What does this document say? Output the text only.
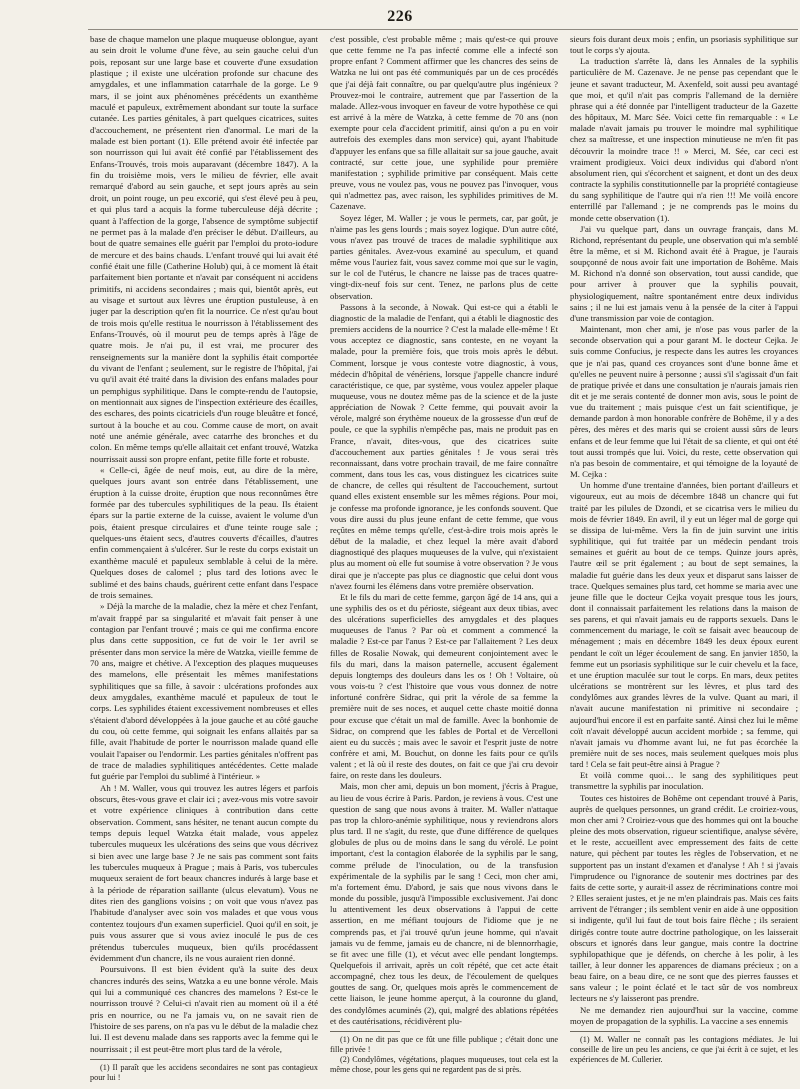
226

base de chaque mamelon une plaque muqueuse oblongue, ayant au sein droit le volume d'une fève, au sein gauche celui d'un pois, reposant sur une large base et couverte d'une exsudation plastique ; il existe une ulcération profonde sur chacune des amygdales, et une inflammation catarrhale de la gorge. Le 9 mars, il se joint aux phénomènes précédents un exanthème maculé et papuleux, extrêmement abondant sur toute la surface cutanée. Les parties génitales, à part quelques cicatrices, suites d'accouchement, ne présentent rien d'anormal. Le mari de la malade est bien portant (1). Elle prétend avoir été infectée par son nourrisson qui lui avait été confié par l'établissement des Enfans-Trouvés, trois mois auparavant (décembre 1847). A la fin du troisième mois, vers le milieu de février, elle avait remarqué d'abord au sein gauche, et sept jours après au sein droit, un point rouge, un peu excorié, qui s'est élevé peu à peu, et qui plus tard a acquis la forme tuberculeuse déjà décrite ; quant à l'affection de la gorge, l'absence de symptôme subjectif ne permet pas à la malade d'en préciser le début. D'ailleurs, au bout de quatre semaines elle guérit par l'emploi du proto-iodure de mercure et des bains chauds. L'enfant trouvé qui lui avait été confié était une fille (Catherine Holub) qui, à ce moment là était parfaitement bien portante et n'avait par conséquent ni accidens primitifs, ni accidens secondaires ; mais qui, bientôt après, eut au visage et surtout aux lèvres une éruption pustuleuse, à en juger par la description qu'en fit la nourrice. Ce n'est qu'au bout de trois mois qu'elle restitua le nourrisson à l'établissement des Enfans-Trouvés, où il mourut peu de temps après à l'âge de quatre mois. Je n'ai pu, il est vrai, me procurer des renseignements sur la manière dont la syphilis était comportée du vivant de l'enfant ; seulement, sur le registre de l'hôpital, j'ai vu qu'il avait été traité dans la division des enfans malades pour un pemphigus syphilitique. Dans le compte-rendu de l'autopsie, on mentionnait aux signes de l'inspection extérieure des écailles, des eschares, des points cicatriciels d'un rouge bleuâtre et foncé, surtout à la bouche et au cou. Comme cause de mort, on avait noté une anémie générale, avec catarrhe des bronches et du colon. En même temps qu'elle allaitait cet enfant trouvé, Watzka nourrissait aussi son propre enfant, petite fille forte et robuste.

« Celle-ci, âgée de neuf mois, eut, au dire de la mère, quelques jours avant son entrée dans l'établissement, une éruption à la cuisse droite, éruption que nous reconnûmes être formée par des tubercules syphilitiques de la peau. Ils étaient épars sur la partie externe de la cuisse, avaient le volume d'un pois, étaient presque circulaires et d'une teinte rouge sale ; quelques-uns étaient secs, d'autres couverts d'écailles, d'autres enfin commençaient à s'ulcérer. Sur le reste du corps existait un exanthème maculé et papuleux semblable à celui de la mère. Quelques doses de calomel ; plus tard des lotions avec le sublimé et des bains chauds, guérirent cette enfant dans l'espace de trois semaines.

» Déjà la marche de la maladie, chez la mère et chez l'enfant, m'avait frappé par sa singularité et m'avait fait penser à une contagion par l'enfant trouvé ; mais ce qui me confirma encore plus dans cette supposition, ce fut de voir le 1er avril se présenter dans mon service la mère de Watzka, vieille femme de 70 ans, maigre et chétive. A l'exception des plaques muqueuses des mamelons, elle présentait les mêmes manifestations syphilitiques que sa fille, à savoir : ulcérations profondes aux deux amygdales, exanthème maculé et papuleux de tout le corps. Les syphilides étaient excessivement nombreuses et elles s'étaient d'abord développées à la joue gauche et au côté gauche du cou, où cette femme, qui soignait les enfans allaités par sa fille, avait l'habitude de porter le nourrisson malade quand elle voulait l'apaiser ou l'endormir. Les parties génitales n'offrent pas de trace de maladies syphilitiques antécédentes. Cette malade fut guérie par l'emploi du sublimé à l'intérieur. »

Ah ! M. Waller, vous qui trouvez les autres légers et parfois obscurs, êtes-vous grave et clair ici ; avez-vous mis votre savoir et votre expérience cliniques à contribution dans cette observation. Comment, sans hésiter, ne tenant aucun compte du temps depuis lequel Watzka était malade, vous appelez tubercules muqueux les ulcérations des seins que vous décrivez si bien avec une large base ? Je ne sais pas comment sont faits les tubercules muqueux à Prague ; mais à Paris, vos tubercules muqueux seraient de fort beaux chancres indurés à large base et à la période de réparation saillante (ulcus elevatum). Vous ne dites rien des ganglions voisins ; on voit que vous n'avez pas l'habitude d'analyser avec soin vos malades et que vous vous contentez toujours d'un examen superficiel. Quoi qu'il en soit, je puis vous assurer que si vous aviez inoculé le pus de ces prétendus tubercules muqueux, bien qu'ils procédassent évidemment d'un chancre, ils ne vous auraient rien donné.

Poursuivons. Il est bien évident qu'à la suite des deux chancres indurés des seins, Watzka a eu une bonne vérole. Mais qui lui a communiqué ces chancres des mamelons ? Est-ce le nourrisson trouvé ? Celui-ci n'avait rien au moment où il a été pris en nourrice, ou ne l'a jamais vu, on ne savait rien de l'histoire de ses parens, on n'a pas vu le début de la maladie chez lui. Il est devenu malade dans ses rapports avec la femme qui le nourrissait ; il est peut-être mort plus tard de la vérole,

(1) Il paraît que les accidens secondaires ne sont pas contagieux pour lui !

c'est possible, c'est probable même ; mais qu'est-ce qui prouve que cette femme ne l'a pas infecté comme elle a infecté son propre enfant ? Comment affirmer que les chancres des seins de Watzka ne lui ont pas été communiqués par un de ces procédés que j'ai déjà fait connaître, ou par quelqu'autre plus ingénieux ? Prouvez-moi le contraire, autrement que par l'assertion de la malade. Allez-vous invoquer en faveur de votre hypothèse ce qui est arrivé à la mère de Watzka, à cette femme de 70 ans (non exempte pour cela d'accident primitif, ainsi qu'on a pu en voir autrefois des exemples dans mon service) qui, ayant l'habitude d'appuyer les enfans que sa fille allaitait sur sa joue gauche, avait contracté, sur cette joue, une syphilide pour première manifestation ; syphilide primitive par conséquent. Mais cette preuve, vous ne voulez pas, vous ne pouvez pas l'invoquer, vous qui n'admettez pas, avec raison, les syphilides primitives de M. Cazenave.

Soyez léger, M. Waller ; je vous le permets, car, par goût, je n'aime pas les gens lourds ; mais soyez logique. D'un autre côté, vous n'avez pas trouvé de traces de maladie syphilitique aux parties génitales. Avez-vous examiné au speculum, et quand même vous l'auriez fait, vous savez comme moi que sur le vagin, sur le col de l'utérus, le chancre ne laisse pas de traces quatre-vingt-dix-neuf fois sur cent. Tenez, ne parlons plus de cette observation.

Passons à la seconde, à Nowak. Qui est-ce qui a établi le diagnostic de la maladie de l'enfant, qui a établi le diagnostic des premiers accidens de la nourrice ? C'est la malade elle-même ! Et vous acceptez ce diagnostic, sans conteste, en ne voyant la malade, pour la première fois, que trois mois après le début. Comment, lorsque je vous conteste votre diagnostic, à vous, médecin d'hôpital de vénériens, lorsque j'appelle chancre induré caractéristique, ce que, par système, vous voulez appeler plaque muqueuse, vous ne doutez même pas de la science et de la juste appréciation de Nowak ? Cette femme, qui pouvait avoir la vérole, malgré son érythème noueux de la grossesse d'un œuf de poule, ce que la syphilis n'empêche pas, mais ne produit pas en France, n'avait, dites-vous, que des cicatrices suite d'accouchement aux parties génitales ! Je vous serai très reconnaissant, dans votre prochain travail, de me faire connaître comment, dans tous les cas, vous distinguez les cicatrices suite de chancre, de celles qui résultent de l'accouchement, surtout quand elles existent ensemble sur les mêmes régions. Pour moi, je confesse ma profonde ignorance, je les confonds souvent. Que vous dire aussi du plus jeune enfant de cette femme, que vous reçûtes en même temps qu'elle, c'est-à-dire trois mois après le début de la maladie, et chez lequel la mère avait d'abord diagnostiqué des plaques muqueuses de la vulve, qui n'existaient plus au moment où elle fut soumise à votre observation ? Je vous dirai que je n'accepte pas plus ce diagnostic que celui dont vous n'avez fourni les élémens dans votre première observation.

Et le fils du mari de cette femme, garçon âgé de 14 ans, qui a une syphilis des os et du périoste, siégeant aux deux tibias, avec des ulcérations superficielles des amygdales et des plaques muqueuses de l'anus ? Par où et comment a commencé la maladie ? Est-ce par l'anus ? Est-ce par l'allaitement ? Les deux filles de Rosalie Nowak, qui demeurent conjointement avec le fils du mari, dans la maison paternelle, accusent également depuis longtemps des douleurs dans les os ! Oh ! Voltaire, où vous vois-tu ? c'est l'histoire que vous vous donnez de notre infortuné confrère Sidrac, qui prit la vérole de sa femme la première nuit de ses noces, et auquel cette chaste moitié donna pour excuse que c'était un mal de famille. Avec la bonhomie de Sidrac, on comprend que les fables de Portal et de Vercelloni aient eu du succès ; mais avec le savoir et l'esprit juste de notre confrère et ami, M. Bouchut, on donne les faits pour ce qu'ils valent ; et là où il reste des doutes, on fait ce que j'ai cru devoir faire, on reste dans les douleurs.

Mais, mon cher ami, depuis un bon moment, j'écris à Prague, au lieu de vous écrire à Paris. Pardon, je reviens à vous. C'est une question de sang que nous avons à traiter. M. Waller n'attaque pas trop la chloro-anémie syphilitique, nous y reviendrons alors plus tard. Il ne s'agit, du reste, que d'une différence de quelques globules de plus ou de moins dans le sang du vérolé. Le point important, c'est la contagion élaborée de la syphilis par le sang, comme prélude de l'inoculation, ou de la transfusion expérimentale de la syphilis par le sang ! Ceci, mon cher ami, m'a fortement ému. D'abord, je sais que nous vivons dans le monde du possible, jusqu'à l'impossible exclusivement. J'ai donc lu attentivement les deux observations à l'appui de cette assertion, en me méfiant toujours de l'idiome que je ne comprends pas, et j'ai trouvé qu'un jeune homme, qui n'avait jamais vu de femme, jamais eu de chancre, ni de blennorrhagie, se fit avec une fille (1), et vécut avec elle pendant longtemps. Quelquefois il arrivait, après un coït répété, que cet acte était accompagné, chez tous les deux, de l'écoulement de quelques gouttes de sang. Or, quelques mois après le commencement de cette liaison, le jeune homme aperçut, à la couronne du gland, des condylômes acuminés (2), qui, malgré des ablations répétées et des cautérisations, récidivèrent plu-

(1) On ne dit pas que ce fût une fille publique ; c'était donc une fille privée !

(2) Condylômes, végétations, plaques muqueuses, tout cela est la même chose, pour les gens qui ne regardent pas de si près.

sieurs fois durant deux mois ; enfin, un psoriasis syphilitique sur tout le corps s'y ajouta.

La traduction s'arrête là, dans les Annales de la syphilis particulière de M. Cazenave. Je ne pense pas cependant que le jeune et savant traducteur, M. Axenfeld, soit aussi peu avantagé que moi, et qu'il n'ait pas compris l'allemand de la dernière phrase qui a été donnée par l'intelligent traducteur de la Gazette des hôpitaux, M. Marc Sée. Voici cette fin remarquable : « Le malade n'avait jamais pu trouver le moindre mal syphilitique chez sa maîtresse, et une inspection minutieuse ne m'en fit pas découvrir la moindre trace !! » Merci, M. Sée, car ceci est vraiment prodigieux. Voici deux individus qui d'abord n'ont absolument rien, qui s'écorchent et saignent, et dont un des deux contracte la syphilis constitutionnelle par la propriété contagieuse du sang syphilitique de l'autre qui n'a rien !!! Me voilà encore enterrillé par l'allemand ; je ne comprends pas le moins du monde cette observation (1).

J'ai vu quelque part, dans un ouvrage français, dans M. Richond, représentant du peuple, une observation qui m'a semblé être la même, et si M. Richond avait été à Prague, je l'aurais soupçonné de nous avoir fait une importation de Bohême. Mais M. Richond n'a donné son observation, tout aussi candide, que pour arriver à prouver que la syphilis pouvait, physiologiquement, naître spontanément entre deux individus sains ; il ne lui est jamais venu à la pensée de la citer à l'appui d'une transmission par voie de contagion.

Maintenant, mon cher ami, je n'ose pas vous parler de la seconde observation qui a pour garant M. le docteur Cejka. Je suis comme Confucius, je respecte dans les autres les croyances que je n'ai pas, quand ces croyances sont d'une bonne âme et qu'elles ne peuvent nuire à personne ; aussi s'il s'agissait d'un fait de pratique privée et dans une consultation je n'aurais jamais rien dit et je me serais contenté de donner mon avis, sous le point de vue du traitement ; mais puisque c'est un fait scientifique, je demande pardon à mon honorable confrère de Bohême, il y a des pères, des mères et des maris qui se croient aussi sûrs de leurs enfans et de leur femme que lui l'était de sa cliente, et qui ont été tout aussi trompés que lui. Voici, du reste, cette observation qui n'a pas besoin de commentaire, et qui témoigne de la loyauté de M. Cejka :

Un homme d'une trentaine d'années, bien portant d'ailleurs et vigoureux, eut au mois de décembre 1848 un chancre qui fut traité par les pilules de Dzondi, et se cicatrisa vers le milieu du mois de février 1849. En avril, il y eut un léger mal de gorge qui se dissipa de lui-même. Vers la fin de juin survint une iritis syphilitique, qui fut traitée par un médecin pendant trois semaines et guérit au bout de ce temps. Quinze jours après, l'autre œil se prit également ; au bout de sept semaines, la maladie fut guérie dans les deux yeux et disparut sans laisser de trace. Quelques semaines plus tard, cet homme se maria avec une jeune fille que le docteur Cejka voyait presque tous les jours, dont il connaissait parfaitement les relations dans la maison de ses parens, et qui n'avait jamais eu de rapports sexuels. Dans le commencement du mariage, le coït se faisait avec beaucoup de ménagement ; mais en décembre 1849 les deux époux eurent pendant le coït un léger écoulement de sang. En janvier 1850, la femme eut un psoriasis syphilitique sur le cuir chevelu et la face, et une éruption maculée sur tout le corps. En mars, deux petites ulcérations se montrèrent sur les lèvres, et plus tard des condylômes aux grandes lèvres de la vulve. Quant au mari, il n'avait aucune manifestation ni primitive ni secondaire ; aujourd'hui encore il est en parfaite santé. Ainsi chez lui le même coït n'avait développé aucun accident morbide ; sa femme, qui n'avait jamais vu d'homme avant lui, ne fut pas écorchée la première nuit de ses noces, mais seulement quelques mois plus tard ! Cela se fait peut-être ainsi à Prague ?

Et voilà comme quoi… le sang des syphilitiques peut transmettre la syphilis par inoculation.

Toutes ces histoires de Bohême ont cependant trouvé à Paris, auprès de quelques personnes, un grand crédit. Le croiriez-vous, mon cher ami ? Croiriez-vous que des hommes qui ont la bouche pleine des mots observation, rigueur scientifique, analyse sévère, et le reste, accueillent avec empressement des faits de cette nature, qui pèchent par toutes les règles de l'observation, et ne supportent pas un instant d'examen et d'analyse ! Ah ! si j'avais l'imprudence ou l'ignorance de soutenir mes doctrines par des faits de cette sorte, y aurait-il assez de récriminations contre moi ? Elles seraient justes, et je ne m'en plaindrais pas. Mais ces faits arrivent de l'étranger ; ils semblent venir en aide à une opposition si indigente, qu'il lui faut de tout bois faire flèche ; ils seraient dirigés contre toute autre doctrine pathologique, on les laisserait obscurs et ignorés dans leur gangue, mais contre la doctrine syphilopathique que je défends, on cherche à les polir, à les tailler, à leur donner les apparences de diamans précieux ; on a beau faire, on a beau dire, ce ne sont que des pierres fausses et sans valeur ; le point éclaté et le tact sûr de vos nombreux lecteurs ne s'y laisseront pas prendre.

Ne me demandez rien aujourd'hui sur la vaccine, comme moyen de propagation de la syphilis. La vaccine a ses ennemis

(1) M. Waller ne connaît pas les contagions médiates. Je lui conseille de lire un peu les anciens, ce que j'ai écrit à ce sujet, et les expériences de M. Cullerier.
